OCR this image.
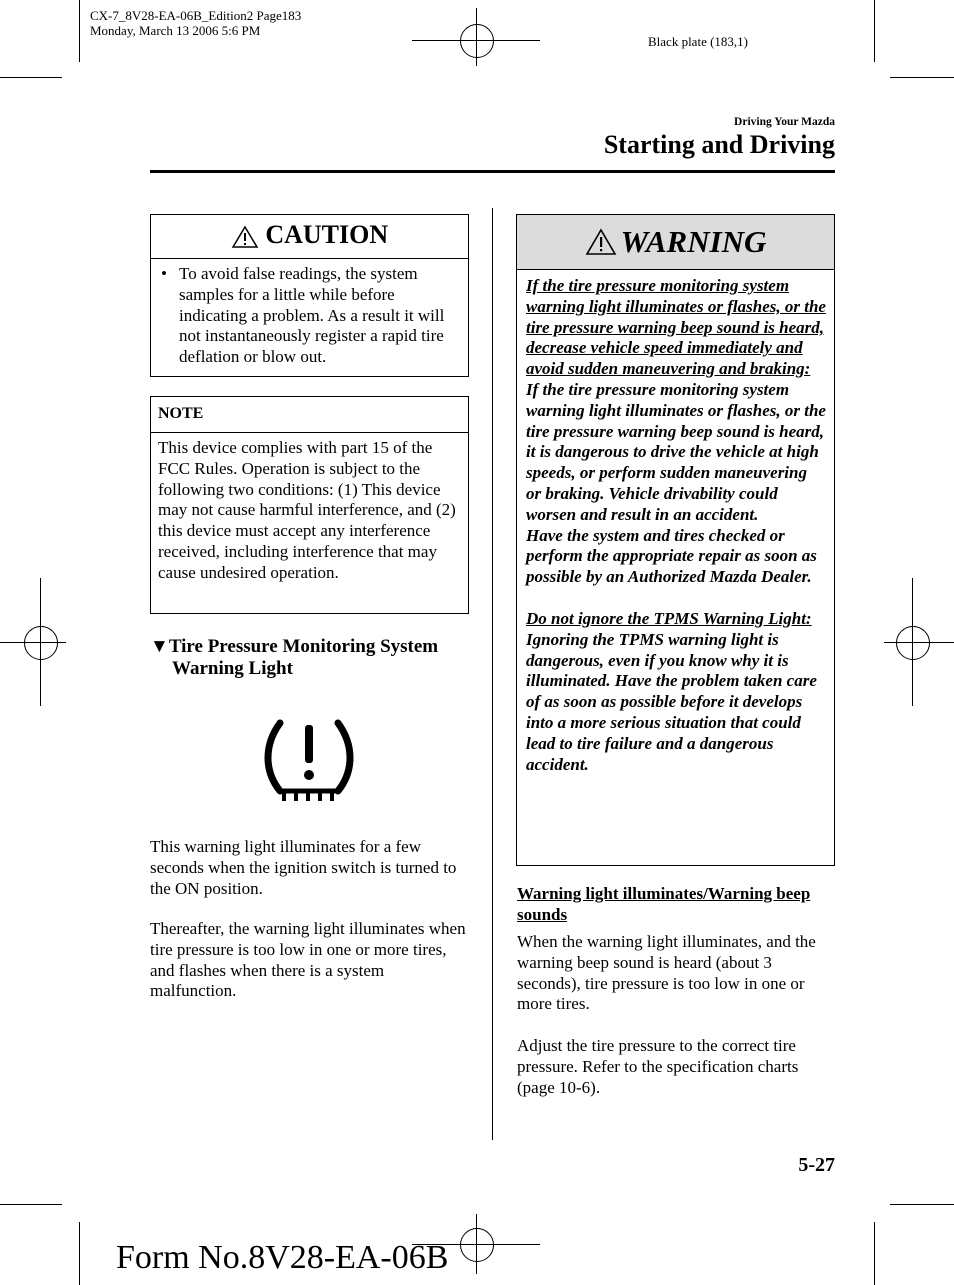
CX-7_8V28-EA-06B_Edition2 Page183
Monday, March 13 2006 5:6 PM
Black plate (183,1)
Driving Your Mazda
Starting and Driving
CAUTION
• To avoid false readings, the system samples for a little while before indicating a problem. As a result it will not instantaneously register a rapid tire deflation or blow out.
NOTE

This device complies with part 15 of the FCC Rules. Operation is subject to the following two conditions: (1) This device may not cause harmful interference, and (2) this device must accept any interference received, including interference that may cause undesired operation.

▼Tire Pressure Monitoring System
Warning Light

This warning light illuminates for a few seconds when the ignition switch is turned to the ON position.

Thereafter, the warning light illuminates when tire pressure is too low in one or more tires, and flashes when there is a system malfunction.

WARNING

If the tire pressure monitoring system warning light illuminates or flashes, or the tire pressure warning beep sound is heard, decrease vehicle speed immediately and avoid sudden maneuvering and braking:

If the tire pressure monitoring system warning light illuminates or flashes, or the tire pressure warning beep sound is heard, it is dangerous to drive the vehicle at high speeds, or perform sudden maneuvering or braking. Vehicle drivability could worsen and result in an accident.

Have the system and tires checked or perform the appropriate repair as soon as possible by an Authorized Mazda Dealer.

Do not ignore the TPMS Warning Light:

Ignoring the TPMS warning light is dangerous, even if you know why it is illuminated. Have the problem taken care of as soon as possible before it develops into a more serious situation that could lead to tire failure and a dangerous accident.

Warning light illuminates/Warning beep sounds

When the warning light illuminates, and the warning beep sound is heard (about 3 seconds), tire pressure is too low in one or more tires.

Adjust the tire pressure to the correct tire pressure. Refer to the specification charts (page 10-6).

5-27
Form No.8V28-EA-06B
